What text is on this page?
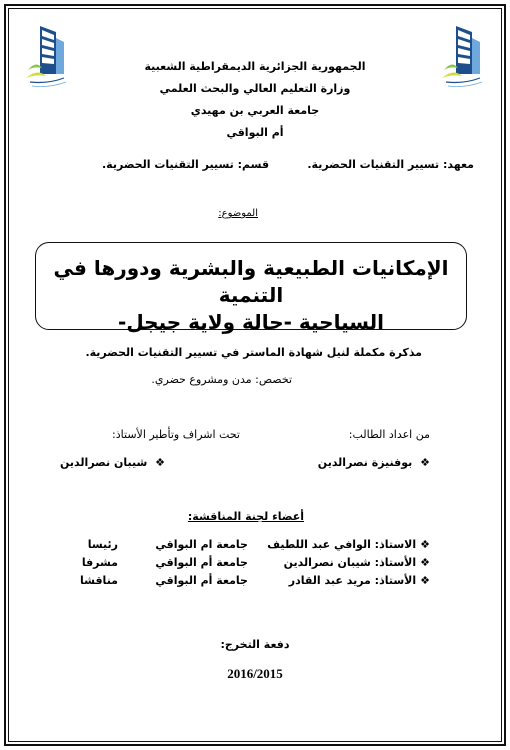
الجمهورية الجزائرية الديمقراطية الشعبية
وزارة التعليم العالي والبحث العلمي
جامعة العربي بن مهيدي
أم البواقي
معهد: تسيير التقنيات الحضرية.
قسم: تسيير التقنيات الحضرية.
الموضوع:
الإمكانيات الطبيعية والبشرية ودورها في التنمية
السياحية -حالة ولاية جيجل-
مذكرة مكملة لنيل شهادة الماستر في تسيير التقنيات الحضرية.
تخصص: مدن ومشروع حضري.
من اعداد الطالب:
تحت اشراف وتأطير الأستاذ:
❖ بوفنيزة نصرالدين
❖ شيبان نصرالدين
أعضاء لجنة المناقشة:
❖الاستاذ: الوافي عبد اللطيف
جامعة ام البواقي
رئيسا
❖الأستاذ: شيبان نصرالدين
جامعة أم البواقي
مشرفا
❖الأستاذ: مريد عبد القادر
جامعة أم البواقي
مناقشا
دفعة التخرج:
2016/2015
